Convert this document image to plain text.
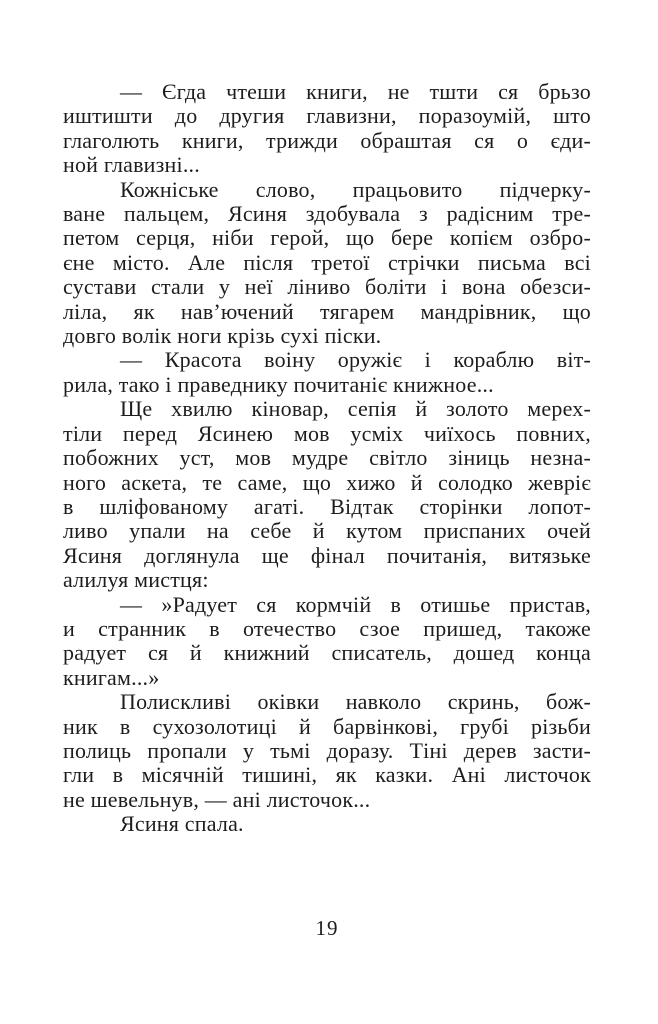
— Єгда чтеши книги, не тшти ся брьзо
иштишти до другия главизни, поразоумій, што
глаголють книги, трижди обраштая ся о єди-
ной главизні...
Кожніське слово, працьовито підчерку-
ване пальцем, Ясиня здобувала з радісним тре-
петом серця, ніби герой, що бере копієм озбро-
єне місто. Але після третої стрічки письма всі
сустави стали у неї ліниво боліти і вона обезси-
ліла, як нав’ючений тягарем мандрівник, що
довго волік ноги крізь сухі піски.
— Красота воіну оружіє і кораблю віт-
рила, тако і праведнику почитаніє книжное...
Ще хвилю кіновар, сепія й золото мерех-
тіли перед Ясинею мов усміх чиїхось повних,
побожних уст, мов мудре світло зіниць незна-
ного аскета, те саме, що хижо й солодко жевріє
в шліфованому агаті. Відтак сторінки лопот-
ливо упали на себе й кутом приспаних очей
Ясиня доглянула ще фінал почитанія, витязьке
алилуя мистця:
— »Радует ся кормчій в отишье пристав,
и странник в отечество сзое пришед, такоже
радует ся й книжний списатель, дошед конца
книгам...»
Полискливі оківки навколо скринь, бож-
ник в сухозолотиці й барвінкові, грубі різьби
полиць пропали у тьмі доразу. Тіні дерев засти-
гли в місячній тишині, як казки. Ані листочок
не шевельнув, — ані листочок...
Ясиня спала.
19
